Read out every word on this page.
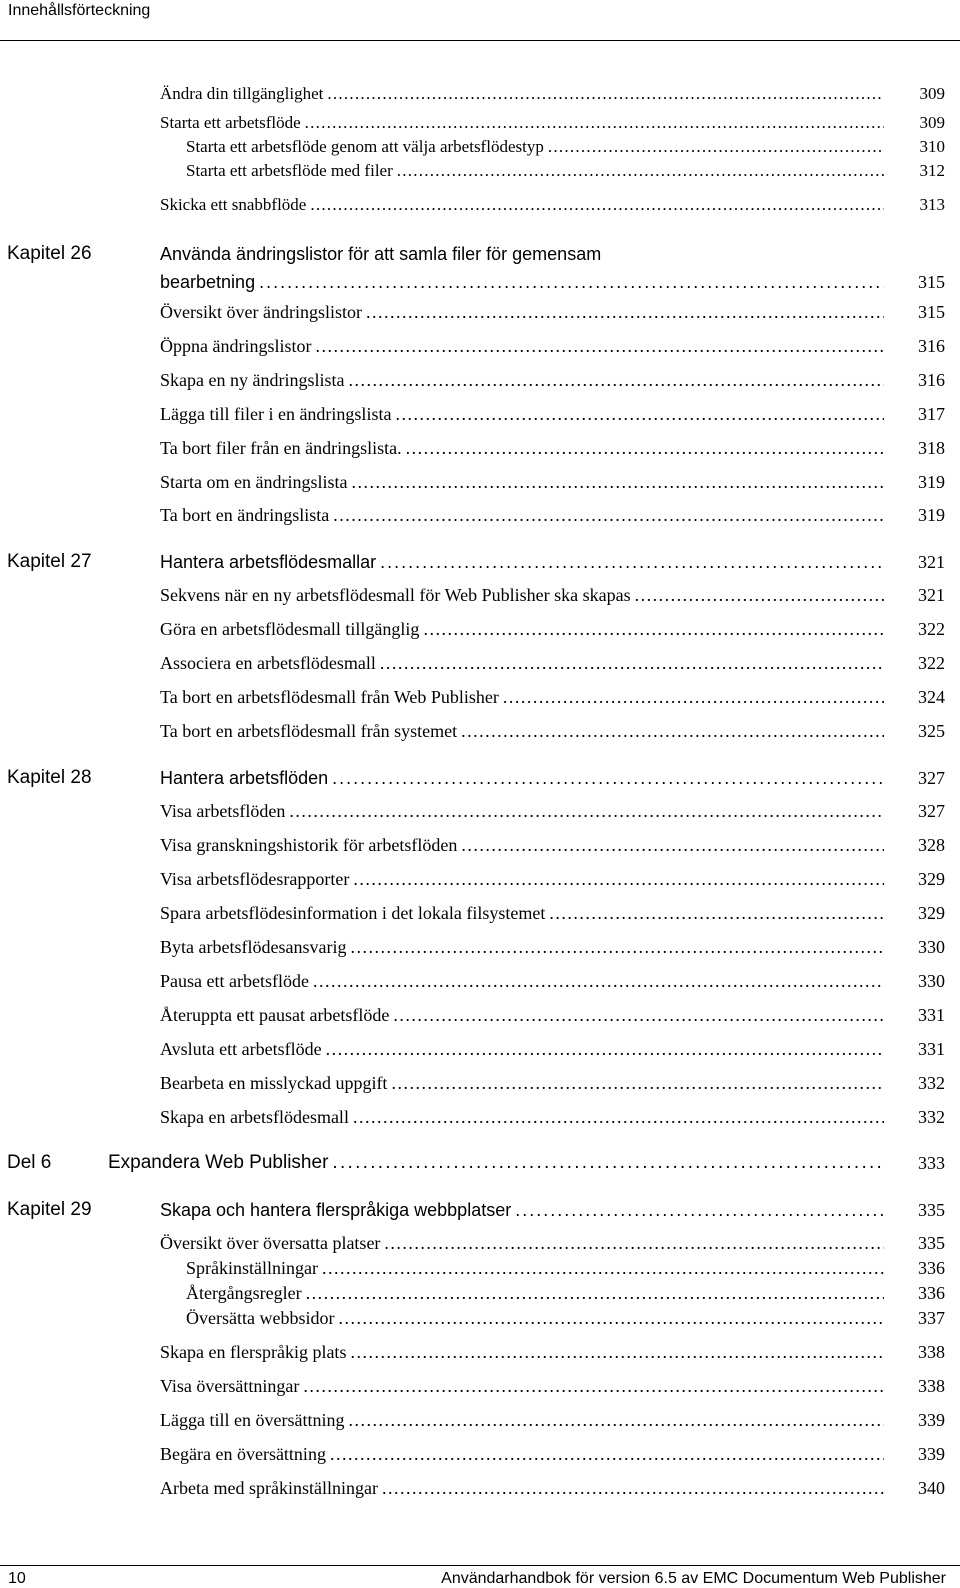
Innehållsförteckning
Ändra din tillgänglighet . . .	309
Starta ett arbetsflöde . . .	309
Starta ett arbetsflöde genom att välja arbetsflödestyp . . .	310
Starta ett arbetsflöde med filer . . .	312
Skicka ett snabbflöde . . .	313
Kapitel 26	Använda ändringslistor för att samla filer för gemensam
bearbetning . . .	315
Översikt över ändringslistor . . .	315
Öppna ändringslistor . . .	316
Skapa en ny ändringslista . . .	316
Lägga till filer i en ändringslista . . .	317
Ta bort filer från en ändringslista. . . .	318
Starta om en ändringslista . . .	319
Ta bort en ändringslista . . .	319
Kapitel 27	Hantera arbetsflödesmallar . . .	321
Sekvens när en ny arbetsflödesmall för Web Publisher ska skapas . . .	321
Göra en arbetsflödesmall tillgänglig . . .	322
Associera en arbetsflödesmall . . .	322
Ta bort en arbetsflödesmall från Web Publisher . . .	324
Ta bort en arbetsflödesmall från systemet . . .	325
Kapitel 28	Hantera arbetsflöden . . .	327
Visa arbetsflöden . . .	327
Visa granskningshistorik för arbetsflöden . . .	328
Visa arbetsflödesrapporter . . .	329
Spara arbetsflödesinformation i det lokala filsystemet . . .	329
Byta arbetsflödesansvarig . . .	330
Pausa ett arbetsflöde . . .	330
Återuppta ett pausat arbetsflöde . . .	331
Avsluta ett arbetsflöde . . .	331
Bearbeta en misslyckad uppgift . . .	332
Skapa en arbetsflödesmall . . .	332
Del 6	Expandera Web Publisher . . .	333
Kapitel 29	Skapa och hantera flerspråkiga webbplatser . . .	335
Översikt över översatta platser . . .	335
Språkinställningar . . .	336
Återgångsregler . . .	336
Översätta webbsidor . . .	337
Skapa en flerspråkig plats . . .	338
Visa översättningar . . .	338
Lägga till en översättning . . .	339
Begära en översättning . . .	339
Arbeta med språkinställningar . . .	340
10	Användarhandbok för version 6.5 av EMC Documentum Web Publisher
